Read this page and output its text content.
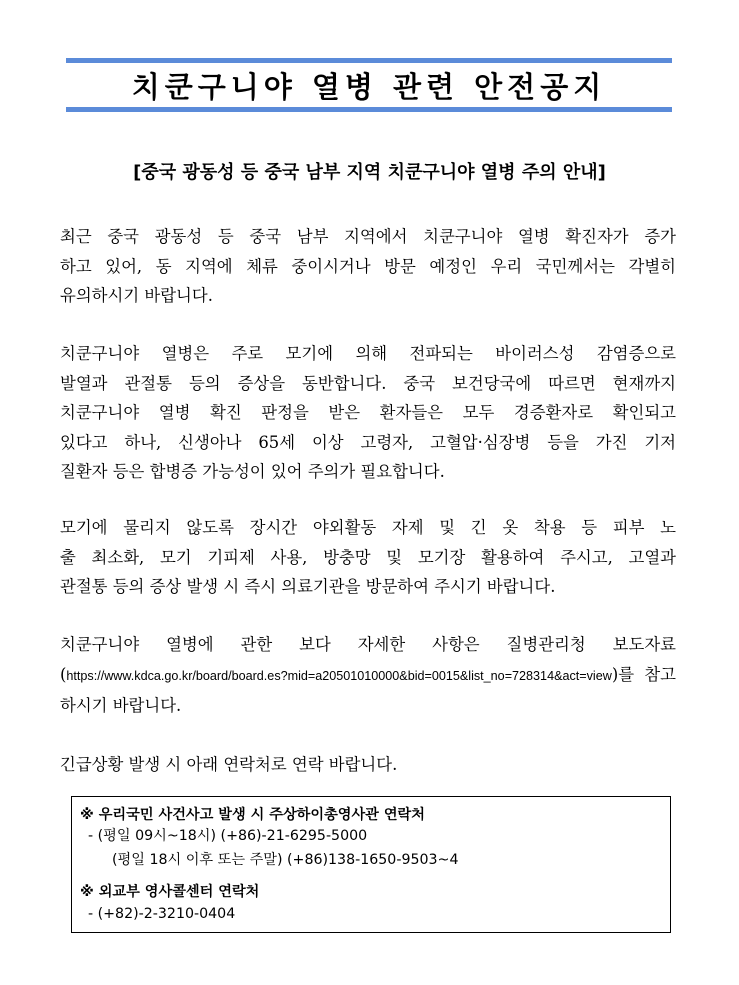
치쿤구니야 열병 관련 안전공지
[중국 광동성 등 중국 남부 지역 치쿤구니야 열병 주의 안내]
최근 중국 광동성 등 중국 남부 지역에서 치쿤구니야 열병 확진자가 증가
하고 있어, 동 지역에 체류 중이시거나 방문 예정인 우리 국민께서는 각별히
유의하시기 바랍니다.
치쿤구니야 열병은 주로 모기에 의해 전파되는 바이러스성 감염증으로
발열과 관절통 등의 증상을 동반합니다. 중국 보건당국에 따르면 현재까지
치쿤구니야 열병 확진 판정을 받은 환자들은 모두 경증환자로 확인되고
있다고 하나, 신생아나 65세 이상 고령자, 고혈압·심장병 등을 가진 기저
질환자 등은 합병증 가능성이 있어 주의가 필요합니다.
모기에 물리지 않도록 장시간 야외활동 자제 및 긴 옷 착용 등 피부 노
출 최소화, 모기 기피제 사용, 방충망 및 모기장 활용하여 주시고, 고열과
관절통 등의 증상 발생 시 즉시 의료기관을 방문하여 주시기 바랍니다.
치쿤구니야 열병에 관한 보다 자세한 사항은 질병관리청 보도자료
(https://www.kdca.go.kr/board/board.es?mid=a20501010000&bid=0015&list_no=728314&act=view)를 참고
하시기 바랍니다.
긴급상황 발생 시 아래 연락처로 연락 바랍니다.
※ 우리국민 사건사고 발생 시 주상하이총영사관 연락처
- (평일 09시~18시) (+86)-21-6295-5000
(평일 18시 이후 또는 주말) (+86)138-1650-9503~4
※ 외교부 영사콜센터 연락처
- (+82)-2-3210-0404
